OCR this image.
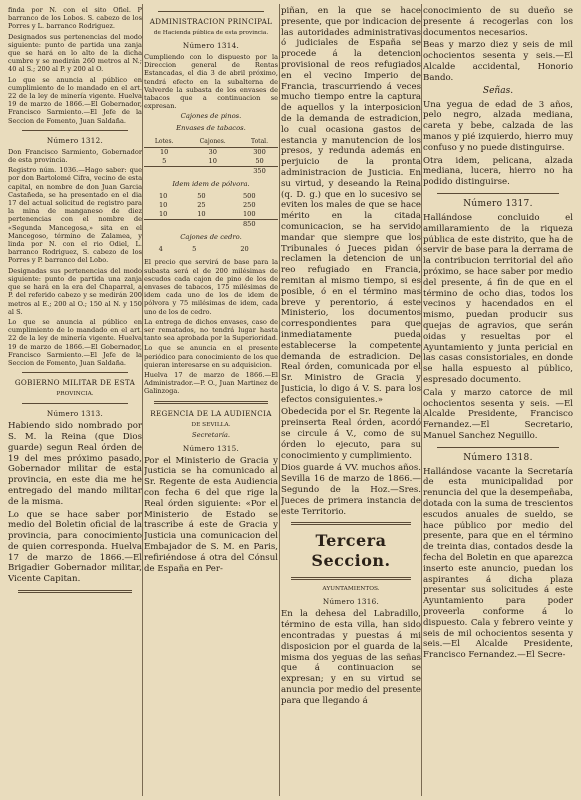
finda por N. con el sito Ofiel. P barranco de los Lobos. S. cabezo de los Porres y L. barranco Rodriguez.

Designados sus pertenencias del modo siguiente: punto de partida una zanja que se hará en lo alto de la dicha cumbre y se medirán 260 metros al N.; 40 al S.; 200 al P. y 200 al O.

Lo que se anuncia al público en cumplimiento de lo mandado en el art. 22 de la ley de minería vigente. Huelva 19 de marzo de 1866.—El Gobernador, Francisco Sarmiento.—El Jefe de la Seccion de Fomento, Juan Saldaña.

Número 1312.

Don Francisco Sarmiento, Gobernador de esta provincia.

Registro núm. 1036.—Hago saber: que por don Bartolomé Cifra, vecino de esta capital, en nombre de don Juan Garcia Castañeda, se ha presentado en el dia 17 del actual solicitud de registro para la mina de manganeso de diez pertenencias con el nombre de «Segunda Mancegosa,» sita en el Mancegoso, término de Zalamea, y linda por N. con el rio Odiel, L. barranco Rodriguez, S. cabezo de los Porres y P. barranco del Lobo.

Designadas sus pertenencias del modo siguiente: punto de partida una zanja que se hará en la era del Chaparral, a P. del referido cabezo y se medirán 200 metros al E.; 200 al O.; 150 al N. y 150 al S.

Lo que se anuncia al público en cumplimiento de lo mandado en el art. 22 de la ley de minería vigente. Huelva 19 de marzo de 1866.—El Gobernador, Francisco Sarmiento.—El Jefe de la Seccion de Fomento, Juan Saldaña.

GOBIERNO MILITAR DE ESTA
PROVINCIA.
Número 1313.

Habiendo sido nombrado por S. M. la Reina (que Dios guarde) segun Real órden de 19 del mes próximo pasado, Gobernador militar de esta provincia, en este dia me he entregado del mando militar de la misma.

Lo que se hace saber por medio del Boletin oficial de la provincia, para conocimiento de quien corresponda. Huelva 17 de marzo de 1866.—El Brigadier Gobernador militar, Vicente Capitan.

ADMINISTRACION PRINCIPAL
de Hacienda pública de esta provincia.
Número 1314.

Cumpliendo con lo dispuesto por la Direccion general de Rentas Estancadas, el dia 3 de abril próximo, tendrá efecto en la subalterna de Valverde la subasta de los envases de tabacos que a continuacion se expresan.

Cajones de pinos.
Envases de tabacos.
Lotes.	Cajones.	Total.
10	30	300
5	10	50
		350
Idem idem de pólvora.
10	50	500
10	25	250
10	10	100
		850
Cajones de cedro.
4	5	20

El precio que servirá de base para la subasta será el de 200 milésimas de escudos cada cajon de pino de los de envases de tabacos, 175 milésimas de idem cada uno de los de idem de pólvora y 75 milésimas de idem, cada uno de los de cedro.

La entrega de dichos envases, caso de ser rematados, no tendrá lugar hasta tanto sea aprobada por la Superioridad.

Lo que se anuncia en el presente periódico para conocimiento de los que quieran interesarse en su adquisicion.

Huelva 17 de marzo de 1866.—El Administrador.—P. O., Juan Martinez de Galinzoga.

REGENCIA DE LA AUDIENCIA
DE SEVILLA.
Secretaría.
Número 1315.

Por el Ministerio de Gracia y Justicia se ha comunicado al Sr. Regente de esta Audiencia con fecha 6 del que rige la Real órden siguiente: «Por el Ministerio de Estado se trascribe á este de Gracia y Justicia una comunicacion del Embajador de S. M. en Paris, refiriéndose á otra del Cónsul de España en Per-

piñan, en la que se hace presente, que por indicacion de las autoridades administrativas ó judiciales de España se procede á la detencion provisional de reos refugiados en el vecino Imperio de Francia, trascurriendo á veces mucho tiempo entre la captura de aquellos y la interposicion de la demanda de estradicion, lo cual ocasiona gastos de estancia y manutencion de los presos, y redunda además en perjuicio de la pronta administracion de Justicia. En su virtud, y deseando la Reina (q. D. g.) que en lo sucesivo se eviten los males de que se hace mérito en la citada comunicacion, se ha servido mandar que siempre que los Tribunales ó Jueces pidan ó reclamen la detencion de un reo refugiado en Francia, remitan al mismo tiempo, si es posible, ó en el término mas breve y perentorio, á este Ministerio, los documentos correspondientes para que inmediatamente pueda establecerse la competente demanda de estradicion. De Real órden, comunicada por el Sr. Ministro de Gracia y Justicia, lo digo á V. S. para los efectos consiguientes.»

Obedecida por el Sr. Regente la preinserta Real órden, acordó se circule á V., como de su órden lo ejecuto, para su conocimiento y cumplimiento.

Dios guarde á VV. muchos años. Sevilla 16 de marzo de 1866.—Segundo de la Hoz.—Sres. Jueces de primera instancia de este Territorio.

Tercera Seccion.
AYUNTAMIENTOS.
Número 1316.

En la dehesa del Labradillo, término de esta villa, han sido encontradas y puestas á mi disposicion por el guarda de la misma dos yeguas de las señas que á continuacion se expresan; y en su virtud se anuncia por medio del presente para que llegando á

conocimiento de su dueño se presente á recogerlas con los documentos necesarios.

Beas y marzo diez y seis de mil ochocientos sesenta y seis.—El Alcalde accidental, Honorio Bando.

Señas.

Una yegua de edad de 3 años, pelo negro, alzada mediana, careta y bebe, calzada de las manos y pié izquierdo, hierro muy confuso y no puede distinguirse.

Otra idem, pelicana, alzada mediana, lucera, hierro no ha podido distinguirse.

Número 1317.

Hallándose concluido el amillaramiento de la riqueza pública de este distrito, que ha de servir de base para la derrama de la contribucion territorial del año próximo, se hace saber por medio del presente, á fin de que en el término de ocho dias, todos los vecinos y hacendados en el mismo, puedan producir sus quejas de agravios, que serán oidas y resueltas por el Ayuntamiento y junta pericial en las casas consistoriales, en donde se halla espuesto al público, espresado documento.

Cala y marzo catorce de mil ochocientos sesenta y seis. —El Alcalde Presidente, Francisco Fernandez.—El Secretario, Manuel Sanchez Neguillo.

Número 1318.

Hallándose vacante la Secretaría de esta municipalidad por renuncia del que la desempeñaba, dotada con la suma de trescientos escudos anuales de sueldo, se hace público por medio del presente, para que en el término de treinta dias, contados desde la fecha del Boletin en que aparezca inserto este anuncio, puedan los aspirantes á dicha plaza presentar sus solicitudes á este Ayuntamiento para poder proveerla conforme á lo dispuesto. Cala y febrero veinte y seis de mil ochocientos sesenta y seis.—El Alcalde Presidente, Francisco Fernandez.—El Secre-
